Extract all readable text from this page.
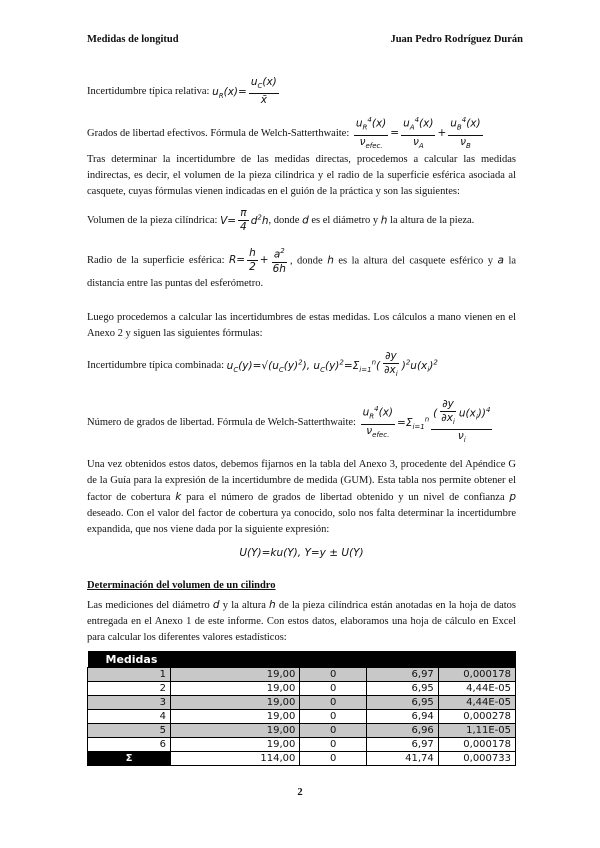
Medidas de longitud	Juan Pedro Rodríguez Durán
Incertidumbre típica relativa: $u_R(x)= \frac{u_C(x)}{x̄}$
Grados de libertad efectivos. Fórmula de Welch-Satterthwaite: $\frac{u_R^4(x)}{\nu_{efec.}} = \frac{u_A^4(x)}{\nu_A} + \frac{u_B^4(x)}{\nu_B}$
Tras determinar la incertidumbre de las medidas directas, procedemos a calcular las medidas indirectas, es decir, el volumen de la pieza cilíndrica y el radio de la superficie esférica asociada al casquete, cuyas fórmulas vienen indicadas en el guión de la práctica y son las siguientes:
Volumen de la pieza cilíndrica: $V= \frac{\pi}{4} d^2h$, donde d es el diámetro y h la altura de la pieza.
Radio de la superficie esférica: $R= \frac{h}{2} + \frac{a^2}{6h}$ , donde h es la altura del casquete esférico y a la distancia entre las puntas del esferómetro.
Luego procedemos a calcular las incertidumbres de estas medidas. Los cálculos a mano vienen en el Anexo 2 y siguen las siguientes fórmulas:
Incertidumbre típica combinada: $u_C(y)=√(u_C(y)^2)$, $u_C(y)^2=\Sigma_{i=1}^n( \frac{\partial y}{\partial x_i} )^2u(x_i)^2$
Número de grados de libertad. Fórmula de Welch-Satterthwaite: $\frac{u_R^4(x)}{\nu_{efec.}} =\Sigma_{i=1}^n \frac{( \frac{\partial y}{\partial x_i} u(x_i))^4}{\nu_i}$
Una vez obtenidos estos datos, debemos fijarnos en la tabla del Anexo 3, procedente del Apéndice G de la Guía para la expresión de la incertidumbre de medida (GUM). Esta tabla nos permite obtener el factor de cobertura k para el número de grados de libertad obtenido y un nivel de confianza p deseado. Con el valor del factor de cobertura ya conocido, solo nos falta determinar la incertidumbre expandida, que nos viene dada por la siguiente expresión:
U(Y)=ku(Y), Y=y ± U(Y)
Determinación del volumen de un cilindro
Las mediciones del diámetro d y la altura h de la pieza cilíndrica están anotadas en la hoja de datos entregada en el Anexo 1 de este informe. Con estos datos, elaboramos una hoja de cálculo en Excel para calcular los diferentes valores estadísticos:
Medidas				
1	19,00	0	6,97	0,000178
2	19,00	0	6,95	4,44E-05
3	19,00	0	6,95	4,44E-05
4	19,00	0	6,94	0,000278
5	19,00	0	6,96	1,11E-05
6	19,00	0	6,97	0,000178
Σ	114,00	0	41,74	0,000733
2
